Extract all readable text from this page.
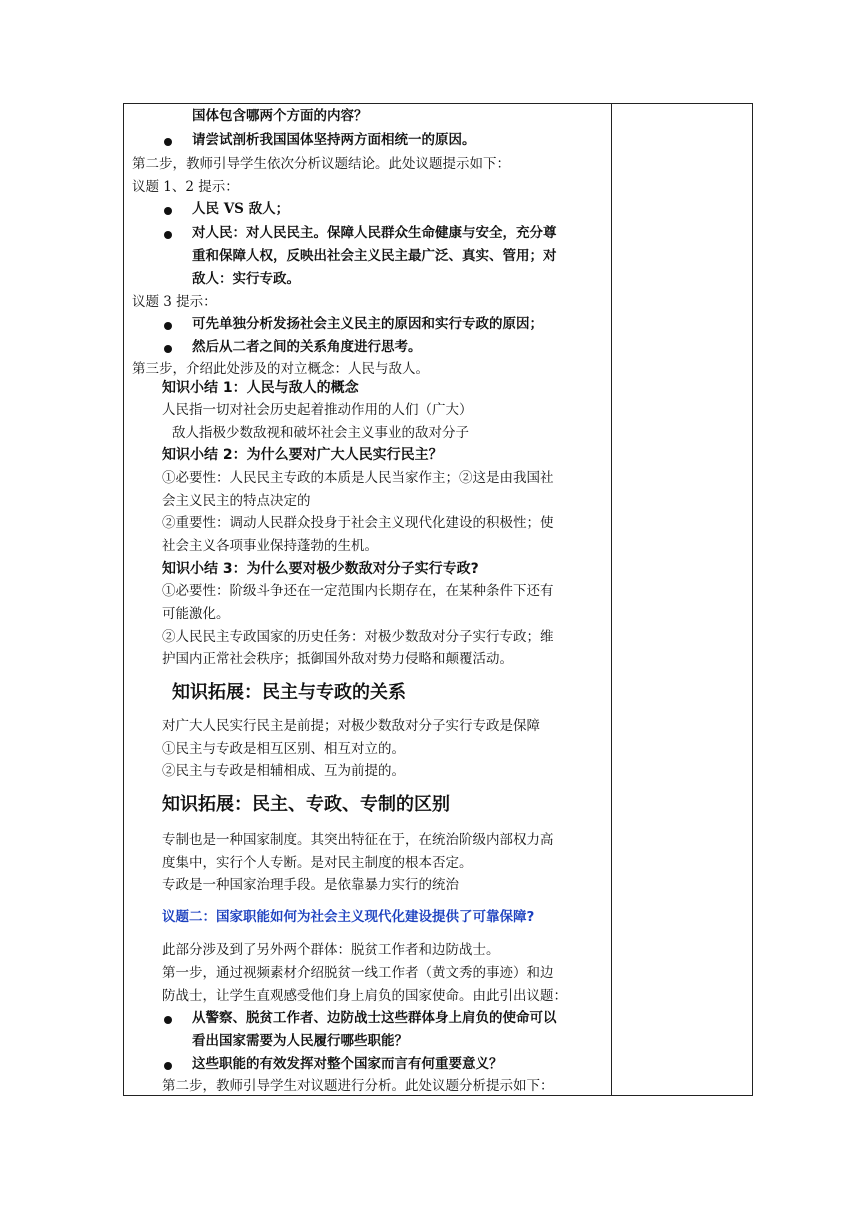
国体包含哪两个方面的内容？
请尝试剖析我国国体坚持两方面相统一的原因。
第二步，教师引导学生依次分析议题结论。此处议题提示如下：
议题 1、2 提示：
人民 VS 敌人；
对人民：对人民民主。保障人民群众生命健康与安全，充分尊
重和保障人权，反映出社会主义民主最广泛、真实、管用；对
敌人：实行专政。
议题 3 提示：
可先单独分析发扬社会主义民主的原因和实行专政的原因；
然后从二者之间的关系角度进行思考。
第三步，介绍此处涉及的对立概念：人民与敌人。
知识小结 1：人民与敌人的概念
人民指一切对社会历史起着推动作用的人们（广大）
敌人指极少数敌视和破坏社会主义事业的敌对分子
知识小结 2：为什么要对广大人民实行民主？
①必要性：人民民主专政的本质是人民当家作主；②这是由我国社
会主义民主的特点决定的
②重要性：调动人民群众投身于社会主义现代化建设的积极性；使
社会主义各项事业保持蓬勃的生机。
知识小结 3：为什么要对极少数敌对分子实行专政?
①必要性：阶级斗争还在一定范围内长期存在，在某种条件下还有
可能激化。
②人民民主专政国家的历史任务：对极少数敌对分子实行专政；维
护国内正常社会秩序；抵御国外敌对势力侵略和颠覆活动。
知识拓展：民主与专政的关系
对广大人民实行民主是前提；对极少数敌对分子实行专政是保障
①民主与专政是相互区别、相互对立的。
②民主与专政是相辅相成、互为前提的。
知识拓展：民主、专政、专制的区别
专制也是一种国家制度。其突出特征在于，在统治阶级内部权力高
度集中，实行个人专断。是对民主制度的根本否定。
专政是一种国家治理手段。是依靠暴力实行的统治
议题二：国家职能如何为社会主义现代化建设提供了可靠保障?
此部分涉及到了另外两个群体：脱贫工作者和边防战士。
第一步，通过视频素材介绍脱贫一线工作者（黄文秀的事迹）和边
防战士，让学生直观感受他们身上肩负的国家使命。由此引出议题：
从警察、脱贫工作者、边防战士这些群体身上肩负的使命可以
看出国家需要为人民履行哪些职能？
这些职能的有效发挥对整个国家而言有何重要意义？
第二步，教师引导学生对议题进行分析。此处议题分析提示如下：
